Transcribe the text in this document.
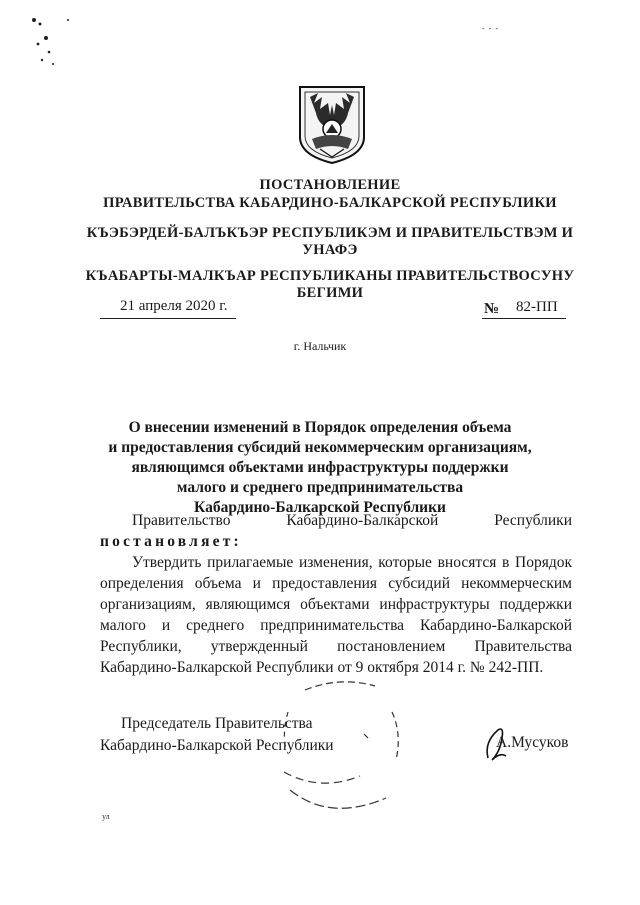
- - -
ПОСТАНОВЛЕНИЕ
ПРАВИТЕЛЬСТВА КАБАРДИНО-БАЛКАРСКОЙ РЕСПУБЛИКИ
КЪЭБЭРДЕЙ-БАЛЪКЪЭР РЕСПУБЛИКЭМ И ПРАВИТЕЛЬСТВЭМ И
УНАФЭ
КЪАБАРТЫ-МАЛКЪАР РЕСПУБЛИКАНЫ ПРАВИТЕЛЬСТВОСУНУ
БЕГИМИ
21 апреля 2020 г.	№ 82-ПП
г. Нальчик
О внесении изменений в Порядок определения объема
и предоставления субсидий некоммерческим организациям,
являющимся объектами инфраструктуры поддержки
малого и среднего предпринимательства
Кабардино-Балкарской Республики
Правительство Кабардино-Балкарской Республики
постановляет:
Утвердить прилагаемые изменения, которые вносятся в Порядок
определения объема и предоставления субсидий некоммерческим
организациям, являющимся объектами инфраструктуры поддержки
малого и среднего предпринимательства Кабардино-Балкарской
Республики, утвержденный постановлением Правительства
Кабардино-Балкарской Республики от 9 октября 2014 г. № 242-ПП.
Председатель Правительства
Кабардино-Балкарской Республики	А.Мусуков
ул
